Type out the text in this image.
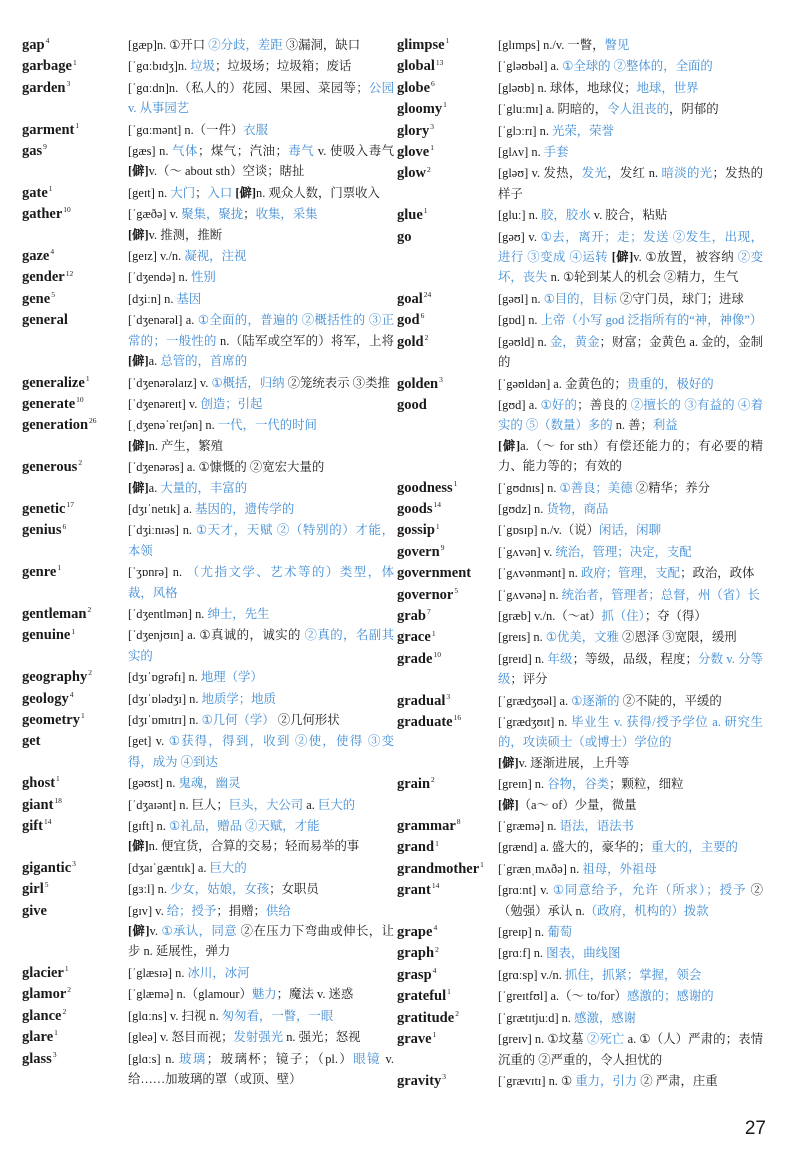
gap$^4$	[gæp]n. ①开口 ②分歧，差距 ③漏洞，缺口
garbage$^1$	[ˈgɑːbɪdʒ]n. 垃圾；垃圾场；垃圾箱；废话
garden$^3$	[ˈgɑːdn]n.（私人的）花园、果园、菜园等；公园 v. 从事园艺
garment$^1$	[ˈgɑːmənt] n.（一件）衣服
gas$^9$	[gæs] n. 气体；煤气；汽油；毒气 v. 使吸入毒气 [僻]v.（～ about sth）空谈；瞎扯
gate$^1$	[geɪt] n. 大门；入口 [僻]n. 观众人数，门票收入
gather$^{10}$	[ˈgæðə] v. 聚集，聚拢；收集，采集
[僻]v. 推测，推断
gaze$^4$	[geɪz] v./n. 凝视，注视
gender$^{12}$	[ˈdʒendə] n. 性别
gene$^5$	[dʒiːn] n. 基因
general	[ˈdʒenərəl] a. ①全面的，普遍的 ②概括性的 ③正常的；一般性的 n.（陆军或空军的）将军，上将 [僻]a. 总管的，首席的
generalize$^1$	[ˈdʒenərəlaɪz] v. ①概括，归纳 ②笼统表示 ③类推
generate$^{10}$	[ˈdʒenəreɪt] v. 创造；引起
generation$^{26}$	[ˌdʒenəˈreɪʃən] n. 一代，一代的时间
[僻]n. 产生，繁殖
generous$^2$	[ˈdʒenərəs] a. ①慷慨的 ②宽宏大量的
[僻]a. 大量的，丰富的
genetic$^{17}$	[dʒɪˈnetɪk] a. 基因的，遗传学的
genius$^6$	[ˈdʒiːnɪəs] n. ①天才，天赋 ②（特别的）才能，本领
genre$^1$	[ˈʒɒnrə] n. （尤指文学、艺术等的）类型，体裁，风格
gentleman$^2$	[ˈdʒentlmən] n. 绅士，先生
genuine$^1$	[ˈdʒenjʊɪn] a. ①真诚的，诚实的 ②真的，名副其实的
geography$^2$	[dʒɪˈɒgrəfɪ] n. 地理（学）
geology$^4$	[dʒɪˈɒlədʒɪ] n. 地质学；地质
geometry$^1$	[dʒɪˈɒmɪtrɪ] n. ①几何（学） ②几何形状
get	[get] v. ①获得，得到，收到 ②使，使得 ③变得，成为 ④到达
ghost$^1$	[gəʊst] n. 鬼魂，幽灵
giant$^{18}$	[ˈdʒaɪənt] n. 巨人；巨头，大公司 a. 巨大的
gift$^{14}$	[gɪft] n. ①礼品，赠品 ②天赋，才能
[僻]n. 便宜货，合算的交易；轻而易举的事
gigantic$^3$	[dʒaɪˈgæntɪk] a. 巨大的
girl$^5$	[gɜːl] n. 少女，姑娘，女孩；女职员
give	[gɪv] v. 给；授予；捐赠；供给
[僻]v. ①承认，同意 ②在压力下弯曲或伸长，让步 n. 延展性，弹力
glacier$^1$	[ˈglæsɪə] n. 冰川，冰河
glamor$^2$	[ˈglæmə] n.（glamour）魅力；魔法 v. 迷惑
glance$^2$	[glɑːns] v. 扫视 n. 匆匆看，一瞥，一眼
glare$^1$	[gleə] v. 怒目而视；发射强光 n. 强光；怒视
glass$^3$	[glɑːs] n. 玻璃；玻璃杯；镜子；（pl.）眼镜 v. 给……加玻璃的罩（或顶、壁）
glimpse$^1$	[glɪmps] n./v. 一瞥，瞥见
global$^{13}$	[ˈgləʊbəl] a. ①全球的 ②整体的，全面的
globe$^6$	[gləʊb] n. 球体，地球仪；地球，世界
gloomy$^1$	[ˈgluːmɪ] a. 阴暗的，令人沮丧的，阴郁的
glory$^3$	[ˈglɔːrɪ] n. 光荣，荣誉
glove$^1$	[glʌv] n. 手套
glow$^2$	[gləʊ] v. 发热，发光，发红 n. 暗淡的光；发热的样子
glue$^1$	[gluː] n. 胶，胶水 v. 胶合，粘贴
go	[gəʊ] v. ①去，离开；走；发送 ②发生，出现，进行 ③变成 ④运转 [僻]v. ①放置，被容纳 ②变坏，丧失 n. ①轮到某人的机会 ②精力，生气
goal$^{24}$	[gəʊl] n. ①目的，目标 ②守门员，球门；进球
god$^6$	[gɒd] n. 上帝（小写 god 泛指所有的“神，神像”）
gold$^2$	[gəʊld] n. 金，黄金；财富；金黄色 a. 金的，金制的
golden$^3$	[ˈgəʊldən] a. 金黄色的；贵重的，极好的
good	[gʊd] a. ①好的；善良的 ②擅长的 ③有益的 ④着实的 ⑤（数量）多的 n. 善；利益
[僻]a.（～ for sth）有偿还能力的；有必要的精力、能力等的；有效的
goodness$^1$	[ˈgʊdnɪs] n. ①善良；美德 ②精华；养分
goods$^{14}$	[gʊdz] n. 货物，商品
gossip$^1$	[ˈgɒsɪp] n./v.（说）闲话，闲聊
govern$^9$	[ˈgʌvən] v. 统治，管理；决定，支配
government	[ˈgʌvənmənt] n. 政府；管理，支配；政治，政体
governor$^5$	[ˈgʌvənə] n. 统治者，管理者；总督，州（省）长
grab$^7$	[græb] v./n.（～at）抓（住）；夺（得）
grace$^1$	[greɪs] n. ①优美，文雅 ②恩泽 ③宽限，缓刑
grade$^{10}$	[greɪd] n. 年级；等级，品级，程度；分数 v. 分等级；评分
gradual$^3$	[ˈgrædʒʊəl] a. ①逐渐的 ②不陡的，平缓的
graduate$^{16}$	[ˈgrædʒʊɪt] n. 毕业生 v. 获得/授予学位 a. 研究生的，攻读硕士（或博士）学位的
[僻]v. 逐渐进展，上升等
grain$^2$	[greɪn] n. 谷物，谷类；颗粒，细粒
[僻]（a～ of）少量，微量
grammar$^8$	[ˈgræmə] n. 语法，语法书
grand$^1$	[grænd] a. 盛大的，豪华的；重大的，主要的
grandmother$^1$	[ˈgrænˌmʌðə] n. 祖母，外祖母
grant$^{14}$	[grɑːnt] v. ①同意给予，允许（所求）；授予 ②（勉强）承认 n.（政府，机构的）拨款
grape$^4$	[greɪp] n. 葡萄
graph$^2$	[grɑːf] n. 图表，曲线图
grasp$^4$	[grɑːsp] v./n. 抓住，抓紧；掌握，领会
grateful$^1$	[ˈgreɪtfʊl] a.（～ to/for）感激的；感谢的
gratitude$^2$	[ˈgrætɪtjuːd] n. 感激，感谢
grave$^1$	[greɪv] n. ①坟墓 ②死亡 a. ①（人）严肃的；表情沉重的 ②严重的，令人担忧的
gravity$^3$	[ˈgrævɪtɪ] n. ① 重力，引力 ② 严肃，庄重
27
